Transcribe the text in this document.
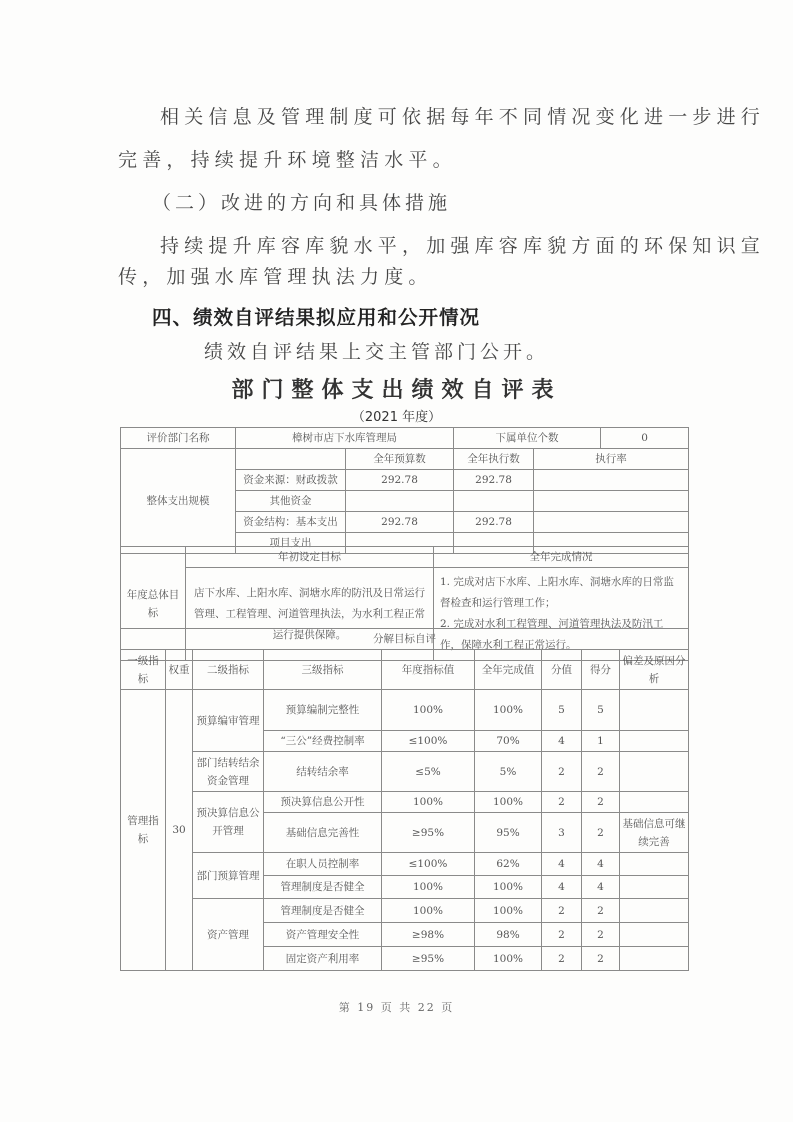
相关信息及管理制度可依据每年不同情况变化进一步进行
完善，持续提升环境整洁水平。
（二）改进的方向和具体措施
持续提升库容库貌水平，加强库容库貌方面的环保知识宣
传，加强水库管理执法力度。
四、绩效自评结果拟应用和公开情况
绩效自评结果上交主管部门公开。
部门整体支出绩效自评表
（2021 年度）
评价部门名称	樟树市店下水库管理局		下属单位个数		0
整体支出规模		全年预算数	全年执行数	执行率	
	资金来源：财政拨款	292.78	292.78		
	其他资金				
	资金结构：基本支出	292.78	292.78		
	项目支出				
年度总体目标	年初设定目标	全年完成情况
	店下水库、上阳水库、洞塘水库的防汛及日常运行管理、工程管理、河道管理执法，为水利工程正常运行提供保障。	1. 完成对店下水库、上阳水库、洞塘水库的日常监督检查和运行管理工作；
2. 完成对水利工程管理、河道管理执法及防汛工作，保障水利工程正常运行。
分解目标自评								
一级指标	权重	二级指标	三级指标	年度指标值	全年完成值	分值	得分	偏差及原因分析
管理指标	30	预算编审管理	预算编制完整性	100%	100%	5	5	
			“三公”经费控制率	≤100%	70%	4	1	
		部门结转结余资金管理	结转结余率	≤5%	5%	2	2	
		预决算信息公开管理	预决算信息公开性	100%	100%	2	2	
			基础信息完善性	≥95%	95%	3	2	基础信息可继续完善
		部门预算管理	在职人员控制率	≤100%	62%	4	4	
			管理制度是否健全	100%	100%	4	4	
		资产管理	管理制度是否健全	100%	100%	2	2	
			资产管理安全性	≥98%	98%	2	2	
			固定资产利用率	≥95%	100%	2	2	
第 19 页 共 22 页
